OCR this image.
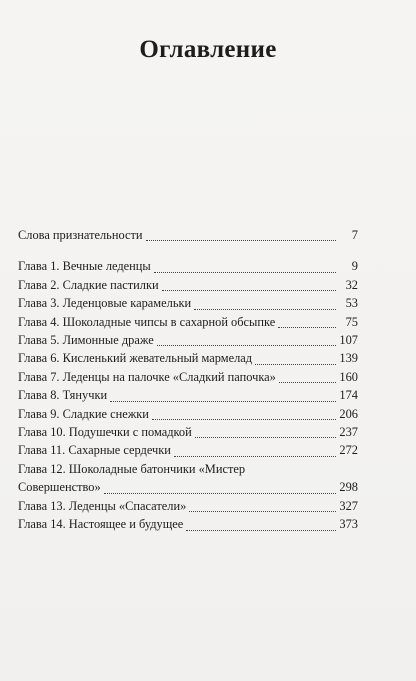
Оглавление
Слова признательности	7
Глава 1. Вечные леденцы	9
Глава 2. Сладкие пастилки	32
Глава 3. Леденцовые карамельки	53
Глава 4. Шоколадные чипсы в сахарной обсыпке	75
Глава 5. Лимонные драже	107
Глава 6. Кисленький жевательный мармелад	139
Глава 7. Леденцы на палочке «Сладкий папочка»	160
Глава 8. Тянучки	174
Глава 9. Сладкие снежки	206
Глава 10. Подушечки с помадкой	237
Глава 11. Сахарные сердечки	272
Глава 12. Шоколадные батончики «Мистер
Совершенство»	298
Глава 13. Леденцы «Спасатели»	327
Глава 14. Настоящее и будущее	373
